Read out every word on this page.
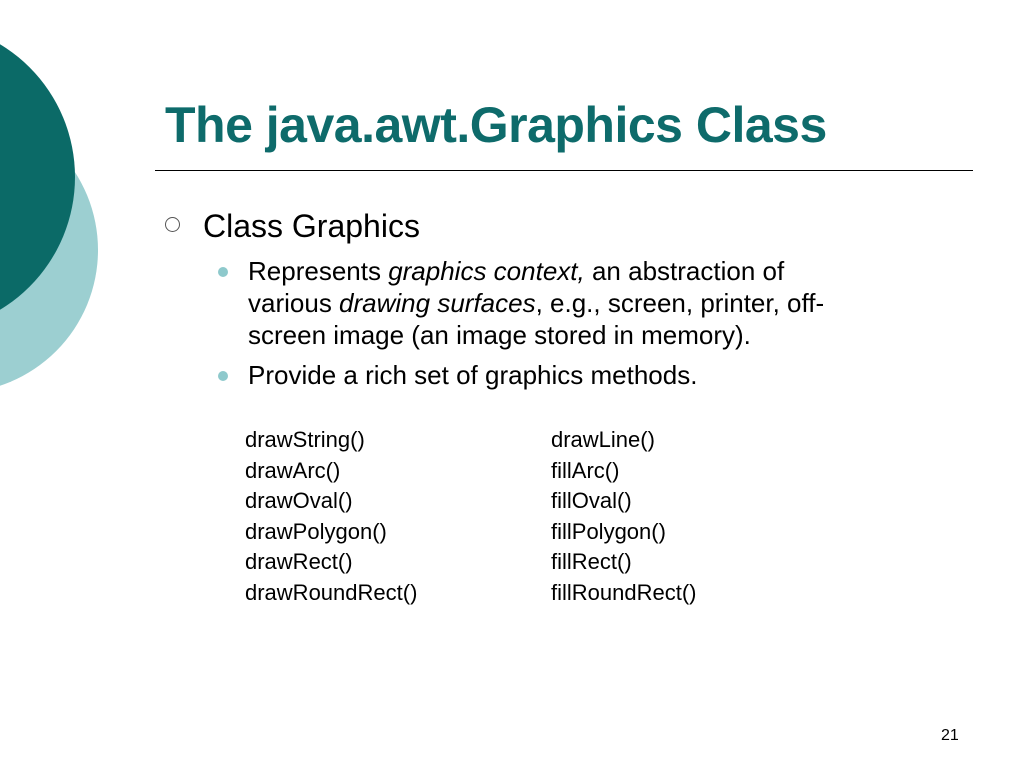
The java.awt.Graphics Class
Class Graphics
Represents graphics context, an abstraction of
various drawing surfaces, e.g., screen, printer, off-
screen image (an image stored in memory).
Provide a rich set of graphics methods.
drawString()
drawArc()
drawOval()
drawPolygon()
drawRect()
drawRoundRect()
drawLine()
fillArc()
fillOval()
fillPolygon()
fillRect()
fillRoundRect()
21
